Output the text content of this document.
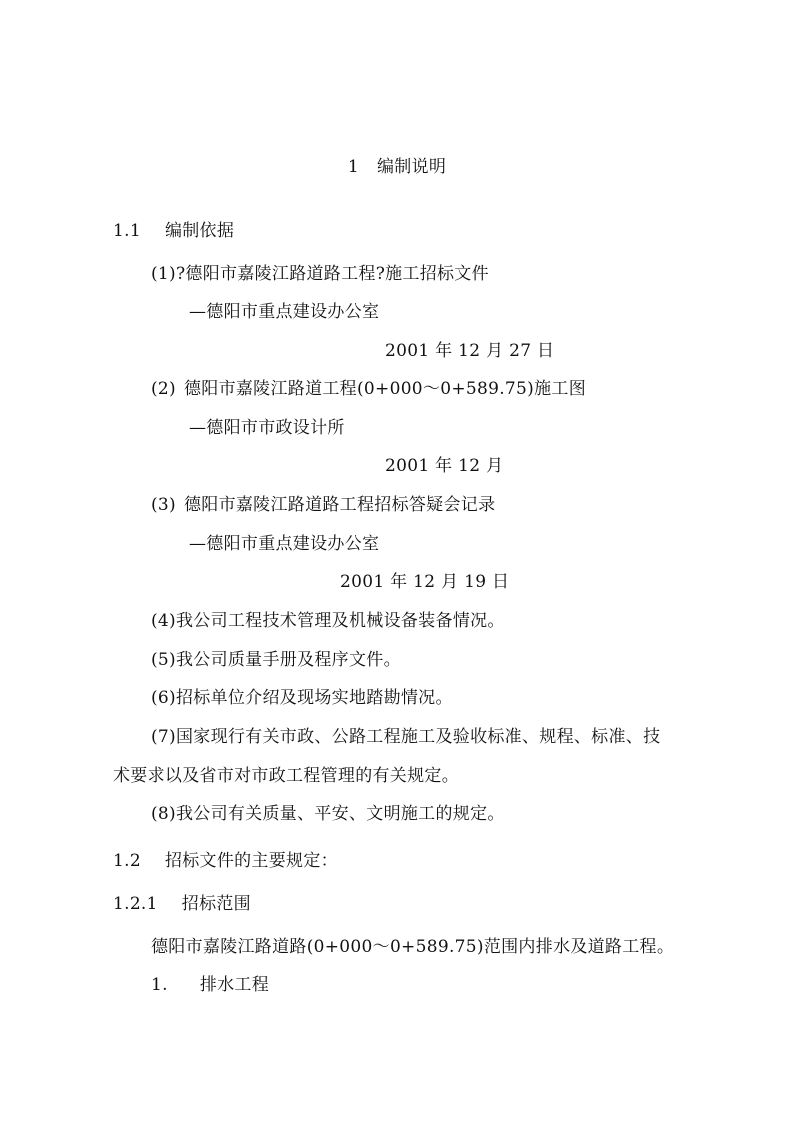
1 编制说明
1.1 编制依据
(1)?德阳市嘉陵江路道路工程?施工招标文件
—德阳市重点建设办公室
2001 年 12 月 27 日
(2) 德阳市嘉陵江路道工程(0+000～0+589.75)施工图
—德阳市市政设计所
2001 年 12 月
(3) 德阳市嘉陵江路道路工程招标答疑会记录
—德阳市重点建设办公室
2001 年 12 月 19 日
(4)我公司工程技术管理及机械设备装备情况。
(5)我公司质量手册及程序文件。
(6)招标单位介绍及现场实地踏勘情况。
(7)国家现行有关市政、公路工程施工及验收标准、规程、标准、技
术要求以及省市对市政工程管理的有关规定。
(8)我公司有关质量、平安、文明施工的规定。
1.2 招标文件的主要规定：
1.2.1 招标范围
德阳市嘉陵江路道路(0+000～0+589.75)范围内排水及道路工程。
1. 排水工程
